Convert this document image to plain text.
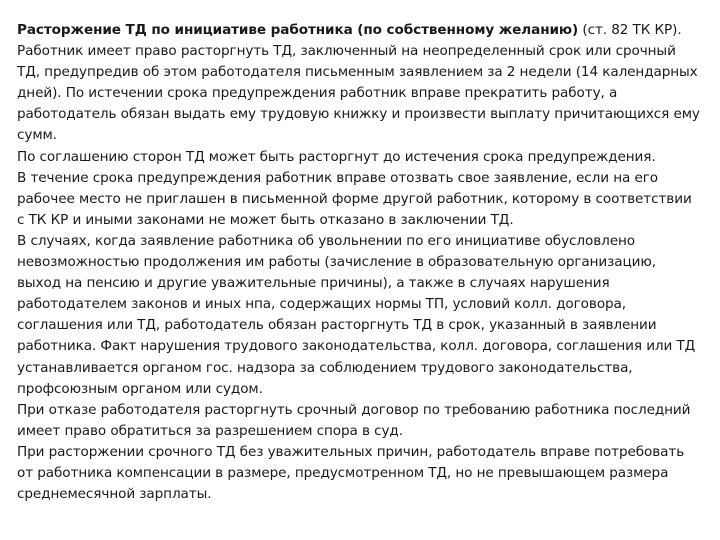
Расторжение ТД по инициативе работника (по собственному желанию) (ст. 82 ТК КР).

Работник имеет право расторгнуть ТД, заключенный на неопределенный срок или срочный ТД, предупредив об этом работодателя письменным заявлением за 2 недели (14 календарных дней). По истечении срока предупреждения работник вправе прекратить работу, а работодатель обязан выдать ему трудовую книжку и произвести выплату причитающихся ему сумм.

По соглашению сторон ТД может быть расторгнут до истечения срока предупреждения.

В течение срока предупреждения работник вправе отозвать свое заявление, если на его рабочее место не приглашен в письменной форме другой работник, которому в соответствии с ТК КР и иными законами не может быть отказано в заключении ТД.

В случаях, когда заявление работника об увольнении по его инициативе обусловлено невозможностью продолжения им работы (зачисление в образовательную организацию, выход на пенсию и другие уважительные причины), а также в случаях нарушения работодателем законов и иных нпа, содержащих нормы ТП, условий колл. договора, соглашения или ТД, работодатель обязан расторгнуть ТД в срок, указанный в заявлении работника. Факт нарушения трудового законодательства, колл. договора, соглашения или ТД устанавливается органом гос. надзора за соблюдением трудового законодательства, профсоюзным органом или судом.

При отказе работодателя расторгнуть срочный договор по требованию работника последний имеет право обратиться за разрешением спора в суд.

При расторжении срочного ТД без уважительных причин, работодатель вправе потребовать от работника компенсации в размере, предусмотренном ТД, но не превышающем размера среднемесячной зарплаты.
